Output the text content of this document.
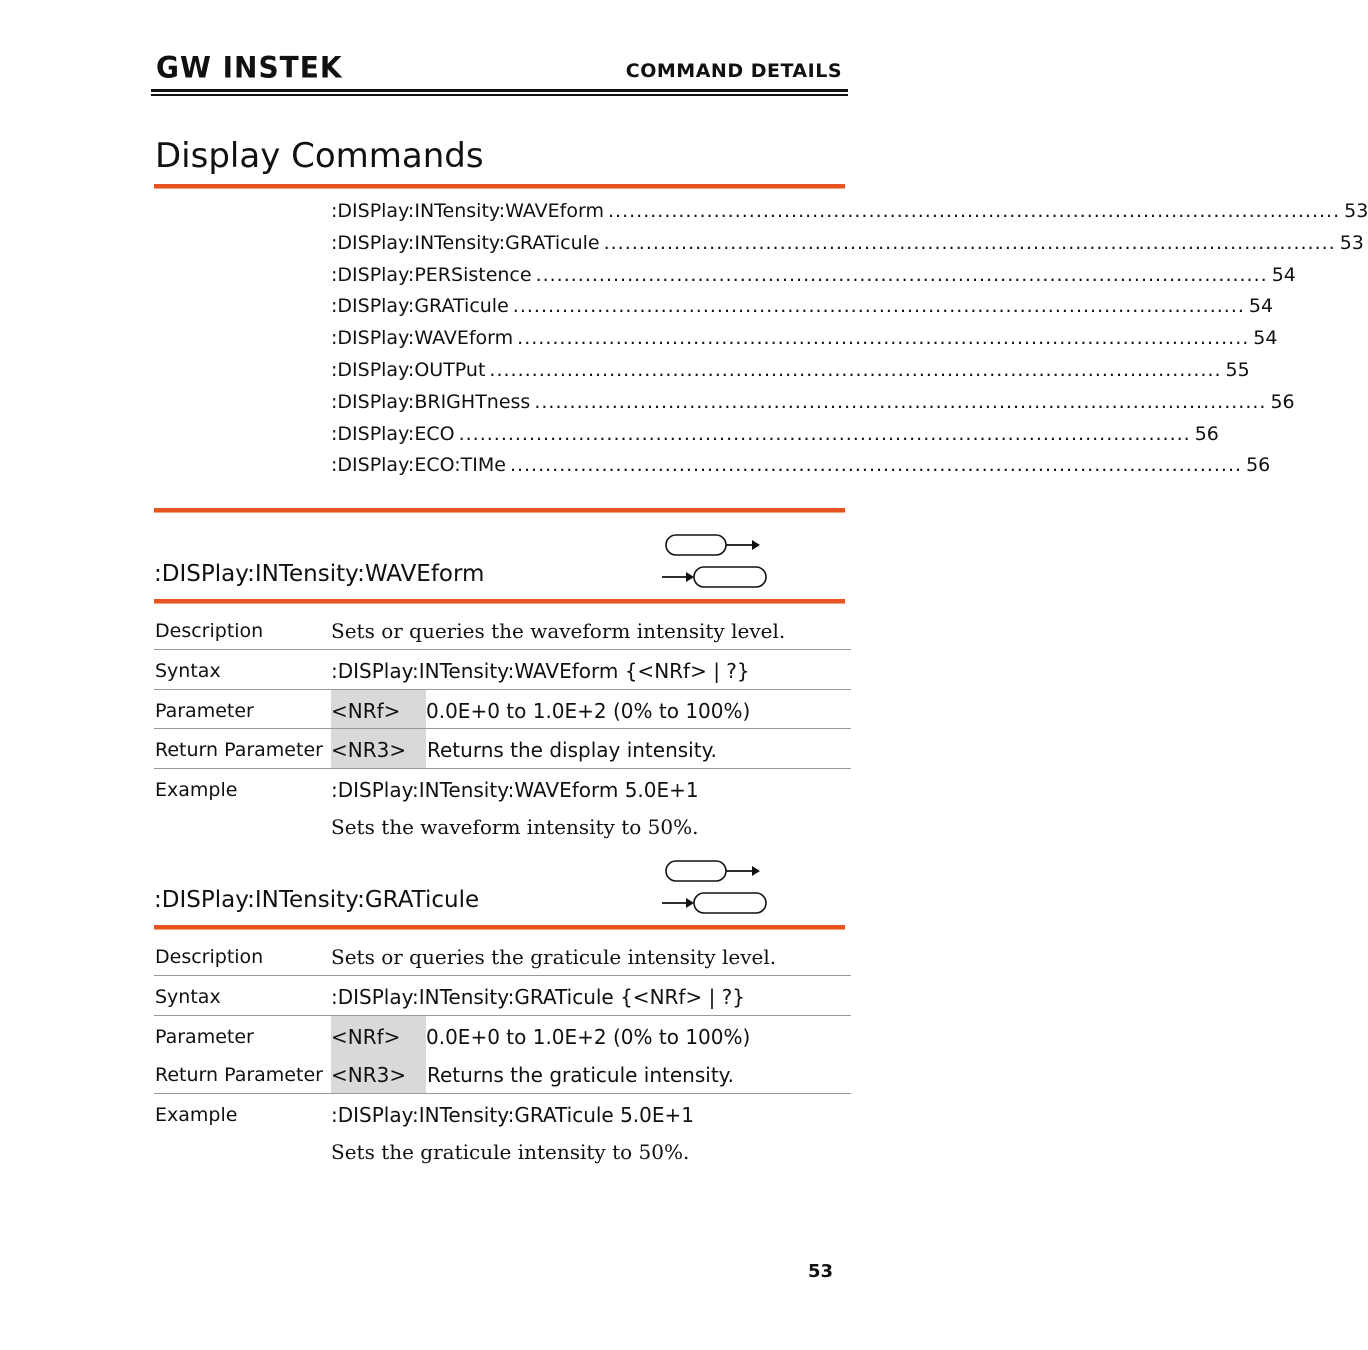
GW INSTEK	COMMAND DETAILS
Display Commands
:DISPlay:INTensity:WAVEform ........................................................................................................ 53
:DISPlay:INTensity:GRATicule ........................................................................................................ 53
:DISPlay:PERSistence ........................................................................................................ 54
:DISPlay:GRATicule ........................................................................................................ 54
:DISPlay:WAVEform ........................................................................................................ 54
:DISPlay:OUTPut ........................................................................................................ 55
:DISPlay:BRIGHTness ........................................................................................................ 56
:DISPlay:ECO ........................................................................................................ 56
:DISPlay:ECO:TIMe ........................................................................................................ 56
:DISPlay:INTensity:WAVEform
Description	Sets or queries the waveform intensity level.
Syntax	:DISPlay:INTensity:WAVEform {<NRf> | ?}
Parameter	<NRf> 0.0E+0 to 1.0E+2 (0% to 100%)
Return Parameter <NR3> Returns the display intensity.
Example	:DISPlay:INTensity:WAVEform 5.0E+1
Sets the waveform intensity to 50%.
:DISPlay:INTensity:GRATicule
Description	Sets or queries the graticule intensity level.
Syntax	:DISPlay:INTensity:GRATicule {<NRf> | ?}
Parameter	<NRf> 0.0E+0 to 1.0E+2 (0% to 100%)
Return Parameter <NR3> Returns the graticule intensity.
Example	:DISPlay:INTensity:GRATicule 5.0E+1
Sets the graticule intensity to 50%.
53
